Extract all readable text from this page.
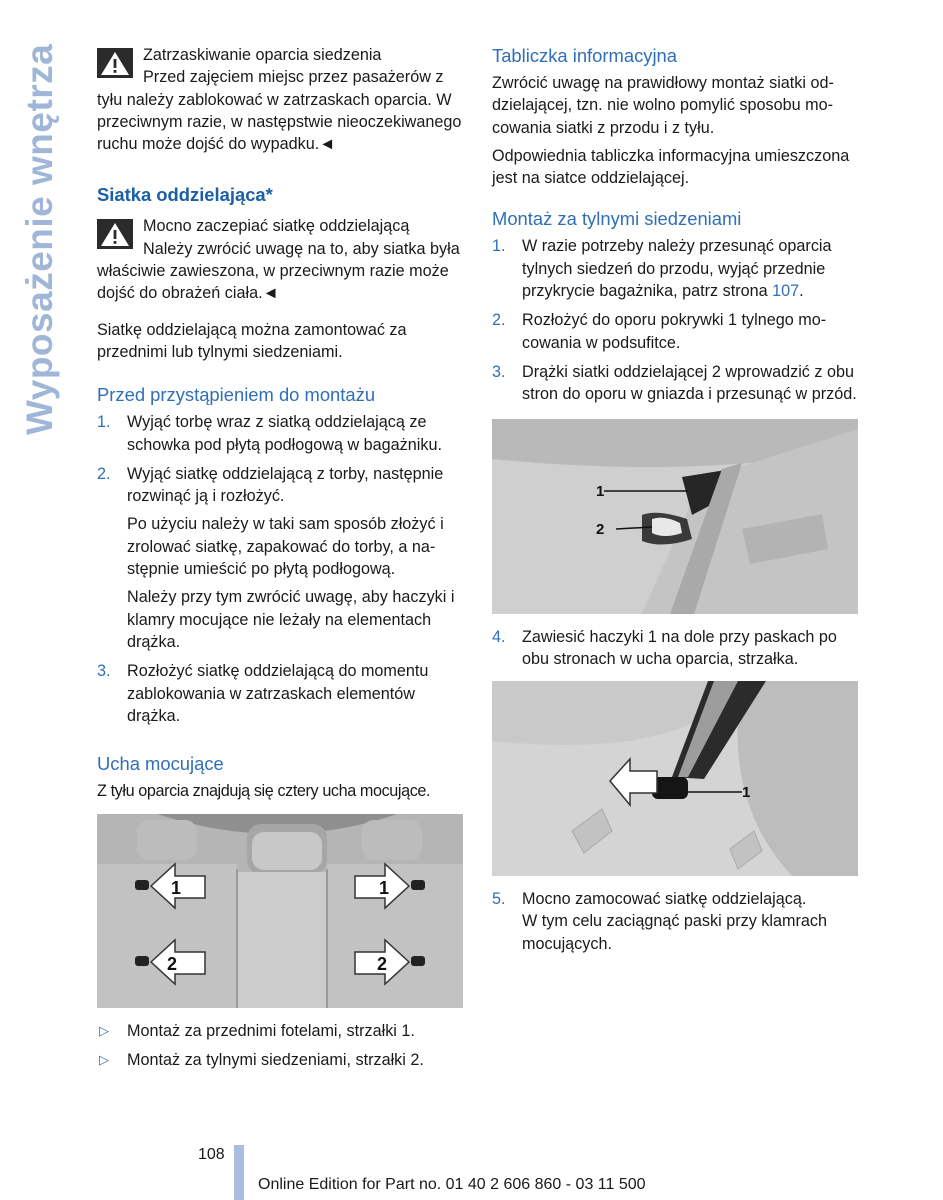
Wyposażenie wnętrza	Zatrzaskiwanie oparcia siedzenia

Przed zajęciem miejsc przez pasażerów z tyłu należy zablokować w zatrzaskach oparcia. W przeciwnym razie, w następstwie nieoczekiwanego ruchu może dojść do wypadku.◄

Siatka oddzielająca*

Mocno zaczepiać siatkę oddzielającą

Należy zwrócić uwagę na to, aby siatka była właściwie zawieszona, w przeciwnym razie może dojść do obrażeń ciała.◄

Siatkę oddzielającą można zamontować za przednimi lub tylnymi siedzeniami.

Przed przystąpieniem do montażu
1. Wyjąć torbę wraz z siatką oddzielającą ze schowka pod płytą podłogową w bagażniku.

2. Wyjąć siatkę oddzielającą z torby, następnie rozwinąć ją i rozłożyć.

Po użyciu należy w taki sam sposób złożyć i zrolować siatkę, zapakować do torby, a następnie umieścić po płytą podłogową.

Należy przy tym zwrócić uwagę, aby haczyki i klamry mocujące nie leżały na elementach drążka.

3. Rozłożyć siatkę oddzielającą do momentu zablokowania w zatrzaskach elementów drążka.

Ucha mocujące

Z tyłu oparcia znajdują się cztery ucha mocujące.

1	1
2	2
▷ Montaż za przednimi fotelami, strzałki 1.

▷ Montaż za tylnymi siedzeniami, strzałki 2.

Tabliczka informacyjna

Zwrócić uwagę na prawidłowy montaż siatki oddzielającej, tzn. nie wolno pomylić sposobu mocowania siatki z przodu i z tyłu.

Odpowiednia tabliczka informacyjna umieszczona jest na siatce oddzielającej.

Montaż za tylnymi siedzeniami
1. W razie potrzeby należy przesunąć oparcia tylnych siedzeń do przodu, wyjąć przednie przykrycie bagażnika, patrz strona 107.

2. Rozłożyć do oporu pokrywki 1 tylnego mocowania w podsufitce.

3. Drążki siatki oddzielającej 2 wprowadzić z obu stron do oporu w gniazda i przesunąć w przód.

1
2
4. Zawiesić haczyki 1 na dole przy paskach po obu stronach w ucha oparcia, strzałka.

1
5. Mocno zamocować siatkę oddzielającą.

W tym celu zaciągnąć paski przy klamrach mocujących.

108
Online Edition for Part no. 01 40 2 606 860 - 03 11 500
